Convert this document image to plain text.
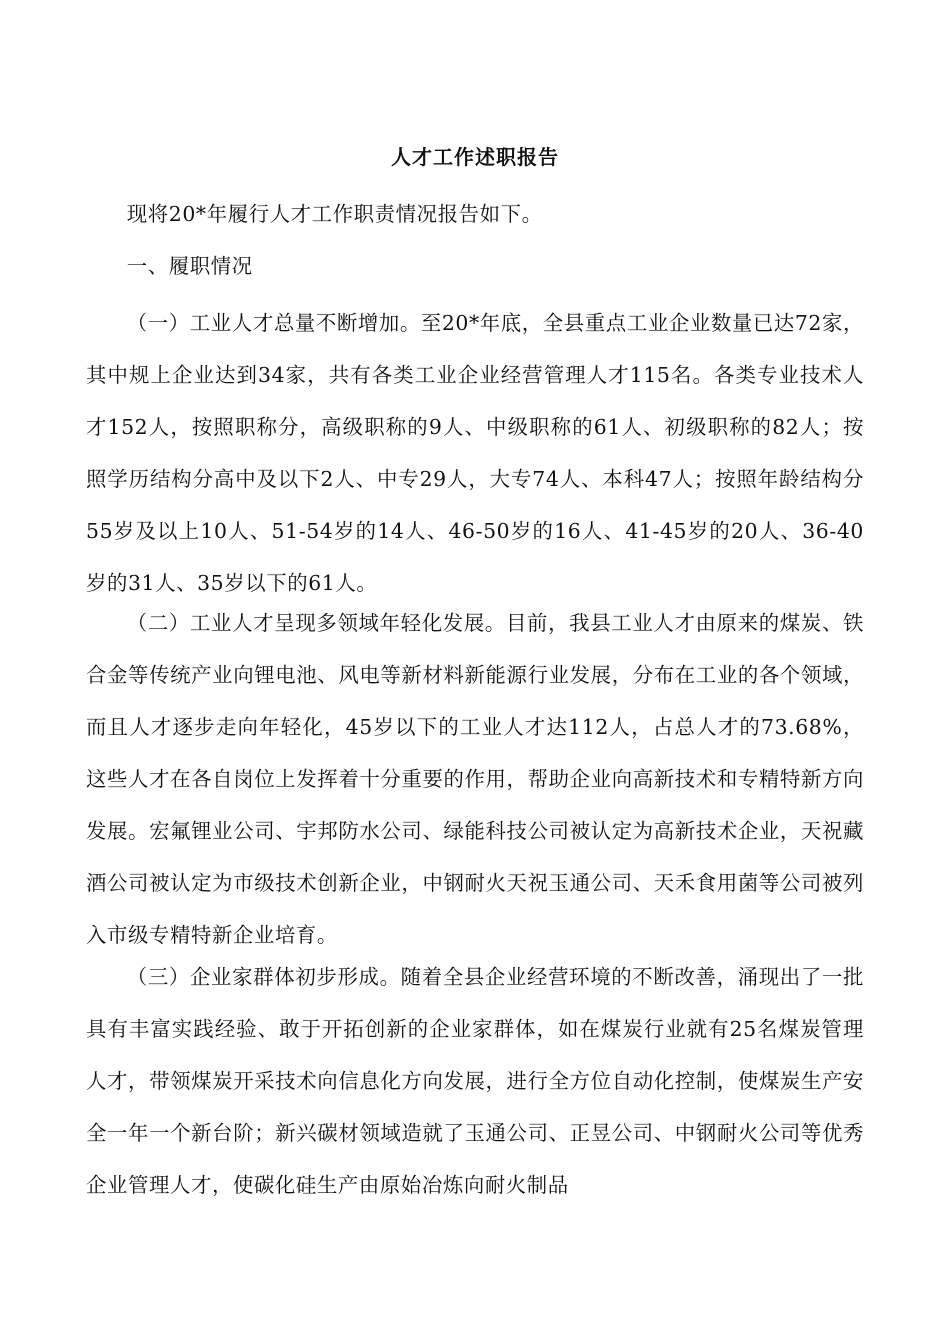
人才工作述职报告

现将20*年履行人才工作职责情况报告如下。

一、履职情况

（一）工业人才总量不断增加。至20*年底，全县重点工业企业数量已达72家，其中规上企业达到34家，共有各类工业企业经营管理人才115名。各类专业技术人才152人，按照职称分，高级职称的9人、中级职称的61人、初级职称的82人；按照学历结构分高中及以下2人、中专29人，大专74人、本科47人；按照年龄结构分55岁及以上10人、51-54岁的14人、46-50岁的16人、41-45岁的20人、36-40岁的31人、35岁以下的61人。

（二）工业人才呈现多领域年轻化发展。目前，我县工业人才由原来的煤炭、铁合金等传统产业向锂电池、风电等新材料新能源行业发展，分布在工业的各个领域，而且人才逐步走向年轻化，45岁以下的工业人才达112人，占总人才的73.68%，这些人才在各自岗位上发挥着十分重要的作用，帮助企业向高新技术和专精特新方向发展。宏氟锂业公司、宇邦防水公司、绿能科技公司被认定为高新技术企业，天祝藏酒公司被认定为市级技术创新企业，中钢耐火天祝玉通公司、天禾食用菌等公司被列入市级专精特新企业培育。

（三）企业家群体初步形成。随着全县企业经营环境的不断改善，涌现出了一批具有丰富实践经验、敢于开拓创新的企业家群体，如在煤炭行业就有25名煤炭管理人才，带领煤炭开采技术向信息化方向发展，进行全方位自动化控制，使煤炭生产安全一年一个新台阶；新兴碳材领域造就了玉通公司、正昱公司、中钢耐火公司等优秀企业管理人才，使碳化硅生产由原始冶炼向耐火制品
